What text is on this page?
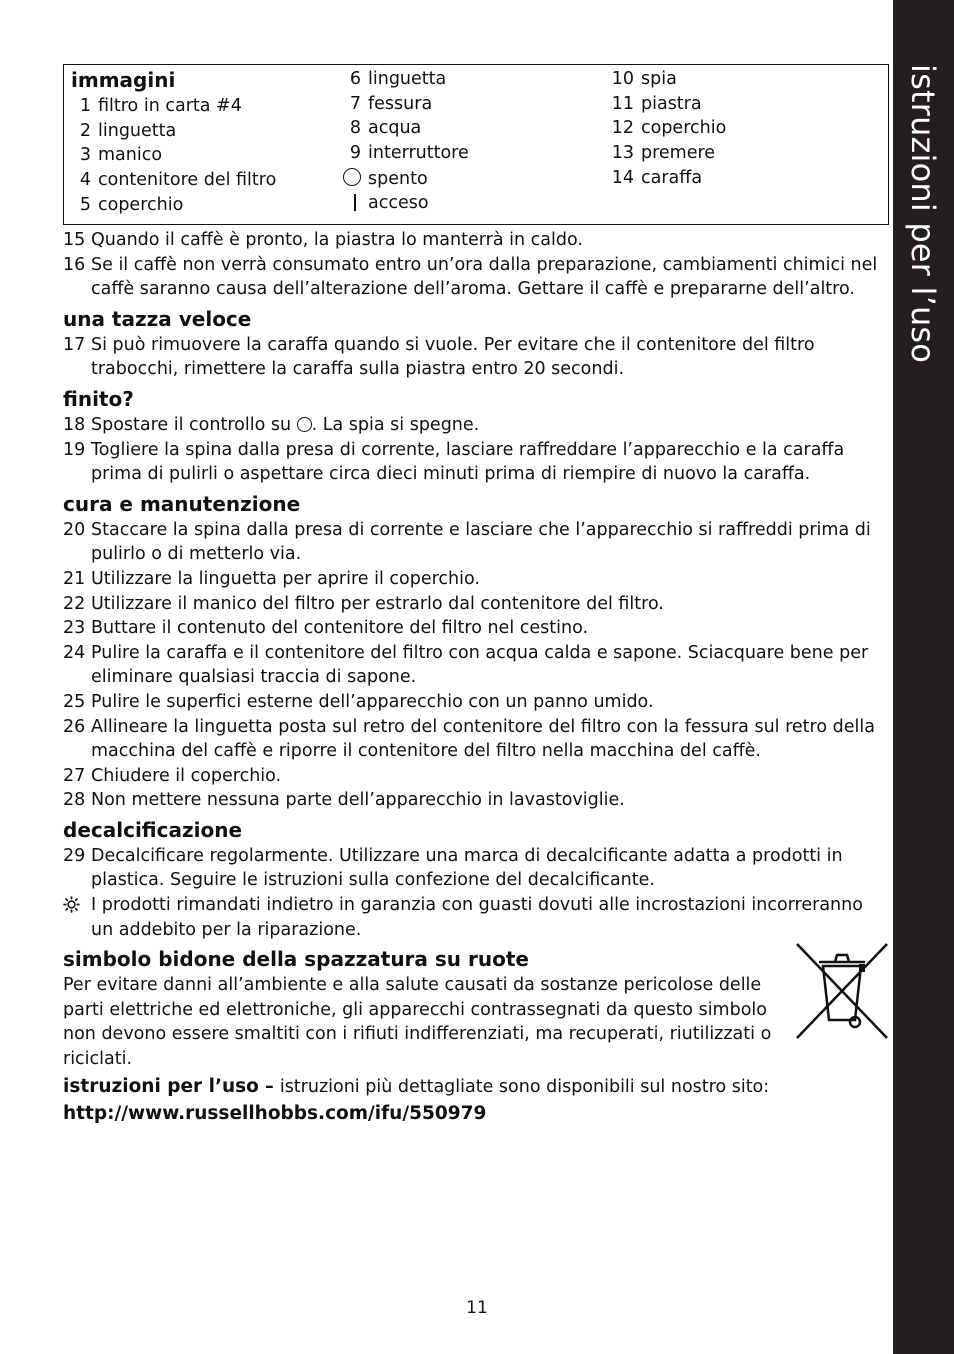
istruzioni per l’uso
immagini
1 filtro in carta #4
2 linguetta
3 manico
4 contenitore del filtro
5 coperchio
6 linguetta
7 fessura
8 acqua
9 interruttore
spento
acceso
10 spia
11 piastra
12 coperchio
13 premere
14 caraffa
15 Quando il caffè è pronto, la piastra lo manterrà in caldo.
16 Se il caffè non verrà consumato entro un’ora dalla preparazione, cambiamenti chimici nel caffè saranno causa dell’alterazione dell’aroma. Gettare il caffè e prepararne dell’altro.
una tazza veloce
17 Si può rimuovere la caraffa quando si vuole. Per evitare che il contenitore del filtro trabocchi, rimettere la caraffa sulla piastra entro 20 secondi.
finito?
18 Spostare il controllo su . La spia si spegne.
19 Togliere la spina dalla presa di corrente, lasciare raffreddare l’apparecchio e la caraffa prima di pulirli o aspettare circa dieci minuti prima di riempire di nuovo la caraffa.
cura e manutenzione
20 Staccare la spina dalla presa di corrente e lasciare che l’apparecchio si raffreddi prima di pulirlo o di metterlo via.
21 Utilizzare la linguetta per aprire il coperchio.
22 Utilizzare il manico del filtro per estrarlo dal contenitore del filtro.
23 Buttare il contenuto del contenitore del filtro nel cestino.
24 Pulire la caraffa e il contenitore del filtro con acqua calda e sapone. Sciacquare bene per eliminare qualsiasi traccia di sapone.
25 Pulire le superfici esterne dell’apparecchio con un panno umido.
26 Allineare la linguetta posta sul retro del contenitore del filtro con la fessura sul retro della macchina del caffè e riporre il contenitore del filtro nella macchina del caffè.
27 Chiudere il coperchio.
28 Non mettere nessuna parte dell’apparecchio in lavastoviglie.
decalcificazione
29 Decalcificare regolarmente. Utilizzare una marca di decalcificante adatta a prodotti in plastica. Seguire le istruzioni sulla confezione del decalcificante.
I prodotti rimandati indietro in garanzia con guasti dovuti alle incrostazioni incorreranno un addebito per la riparazione.
simbolo bidone della spazzatura su ruote
Per evitare danni all’ambiente e alla salute causati da sostanze pericolose delle parti elettriche ed elettroniche, gli apparecchi contrassegnati da questo simbolo non devono essere smaltiti con i rifiuti indifferenziati, ma recuperati, riutilizzati o riciclati.
istruzioni per l’uso – istruzioni più dettagliate sono disponibili sul nostro sito:
http://www.russellhobbs.com/ifu/550979
11
